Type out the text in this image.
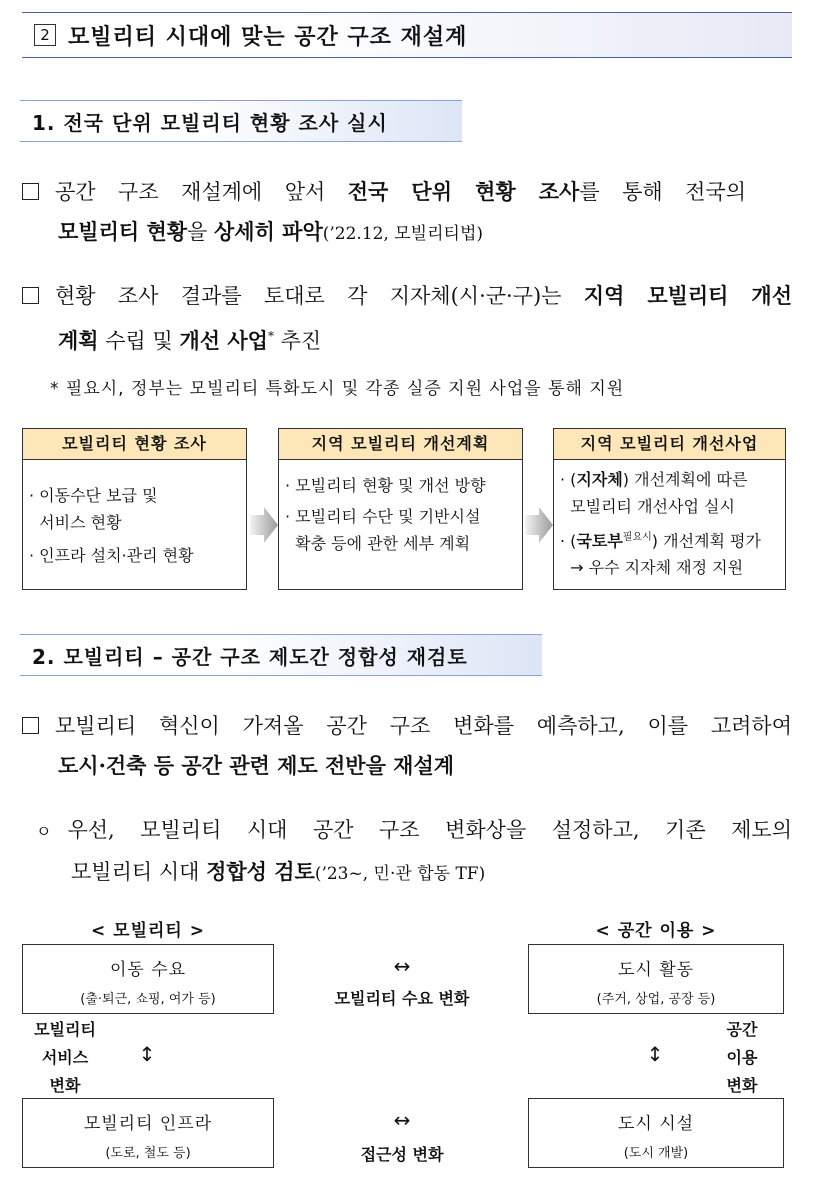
2 모빌리티 시대에 맞는 공간 구조 재설계
1. 전국 단위 모빌리티 현황 조사 실시
공간 구조 재설계에 앞서 전국 단위 현황 조사를 통해 전국의
모빌리티 현황을 상세히 파악(’22.12, 모빌리티법)
현황 조사 결과를 토대로 각 지자체(시·군·구)는 지역 모빌리티 개선
계획 수립 및 개선 사업* 추진
* 필요시, 정부는 모빌리티 특화도시 및 각종 실증 지원 사업을 통해 지원
모빌리티 현황 조사
· 이동수단 보급 및
서비스 현황
· 인프라 설치·관리 현황
지역 모빌리티 개선계획
· 모빌리티 현황 및 개선 방향
· 모빌리티 수단 및 기반시설
확충 등에 관한 세부 계획
지역 모빌리티 개선사업
· (지자체) 개선계획에 따른
모빌리티 개선사업 실시
· (국토부$^{필요시}$) 개선계획 평가
→ 우수 지자체 재정 지원
2. 모빌리티 – 공간 구조 제도간 정합성 재검토
모빌리티 혁신이 가져올 공간 구조 변화를 예측하고, 이를 고려하여
도시·건축 등 공간 관련 제도 전반을 재설계
ㅇ 우선, 모빌리티 시대 공간 구조 변화상을 설정하고, 기존 제도의
모빌리티 시대 정합성 검토(’23~, 민·관 합동 TF)
< 모빌리티 >	< 공간 이용 >
이동 수요
(출·퇴근, 쇼핑, 여가 등)
도시 활동
(주거, 상업, 공장 등)
↔
모빌리티 수요 변화
모빌리티
서비스
변화
↕	↕
공간
이용
변화
모빌리티 인프라
(도로, 철도 등)
도시 시설
(도시 개발)
↔
접근성 변화
